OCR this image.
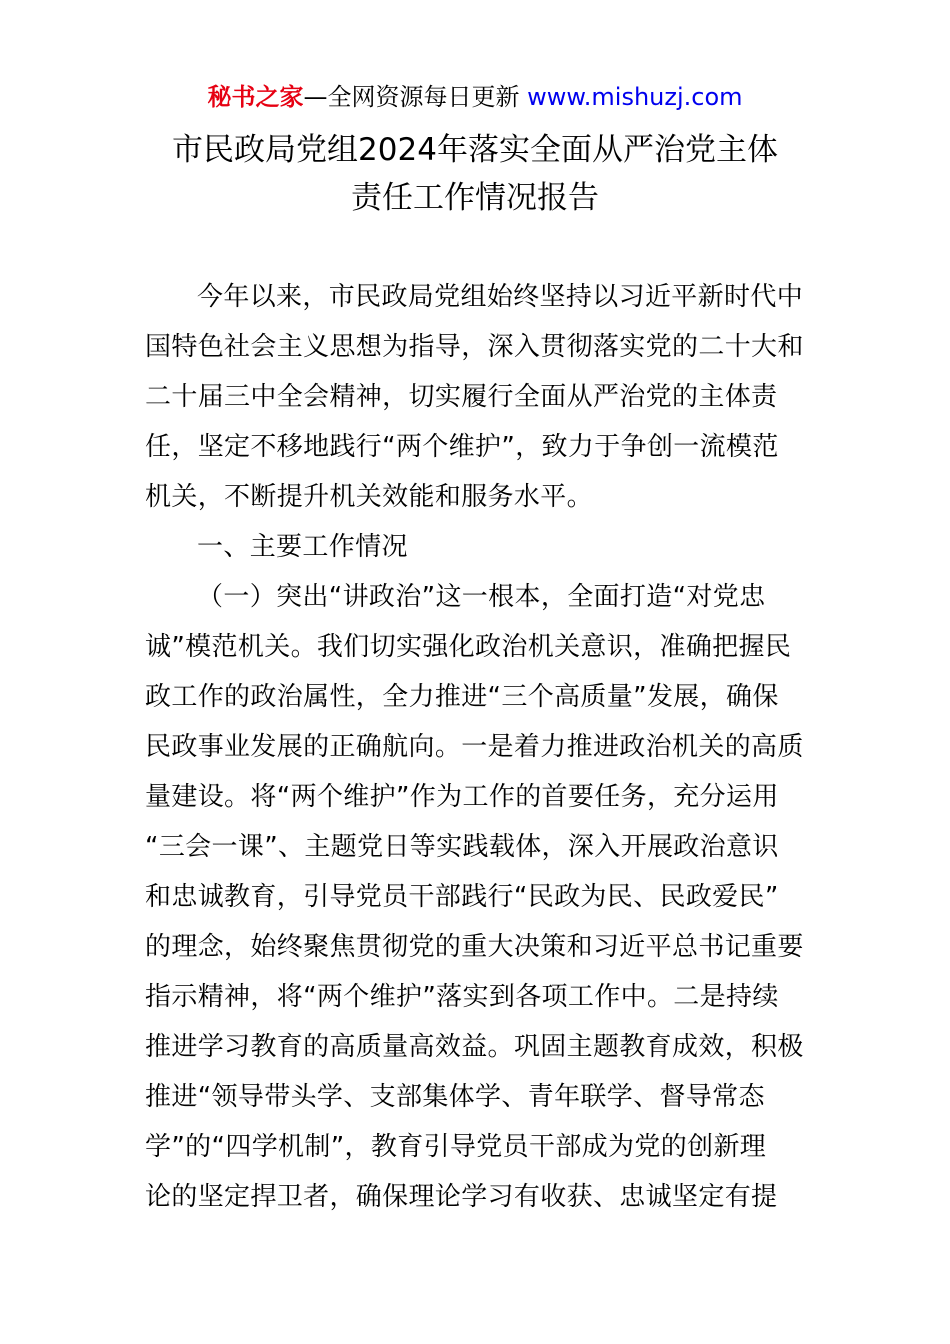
秘书之家—全网资源每日更新 www.mishuzj.com
市民政局党组2024年落实全面从严治党主体
责任工作情况报告
今年以来，市民政局党组始终坚持以习近平新时代中
国特色社会主义思想为指导，深入贯彻落实党的二十大和
二十届三中全会精神，切实履行全面从严治党的主体责
任，坚定不移地践行“两个维护”，致力于争创一流模范
机关，不断提升机关效能和服务水平。
一、主要工作情况
（一）突出“讲政治”这一根本，全面打造“对党忠
诚”模范机关。我们切实强化政治机关意识，准确把握民
政工作的政治属性，全力推进“三个高质量”发展，确保
民政事业发展的正确航向。一是着力推进政治机关的高质
量建设。将“两个维护”作为工作的首要任务，充分运用
“三会一课”、主题党日等实践载体，深入开展政治意识
和忠诚教育，引导党员干部践行“民政为民、民政爱民”
的理念，始终聚焦贯彻党的重大决策和习近平总书记重要
指示精神，将“两个维护”落实到各项工作中。二是持续
推进学习教育的高质量高效益。巩固主题教育成效，积极
推进“领导带头学、支部集体学、青年联学、督导常态
学”的“四学机制”，教育引导党员干部成为党的创新理
论的坚定捍卫者，确保理论学习有收获、忠诚坚定有提
